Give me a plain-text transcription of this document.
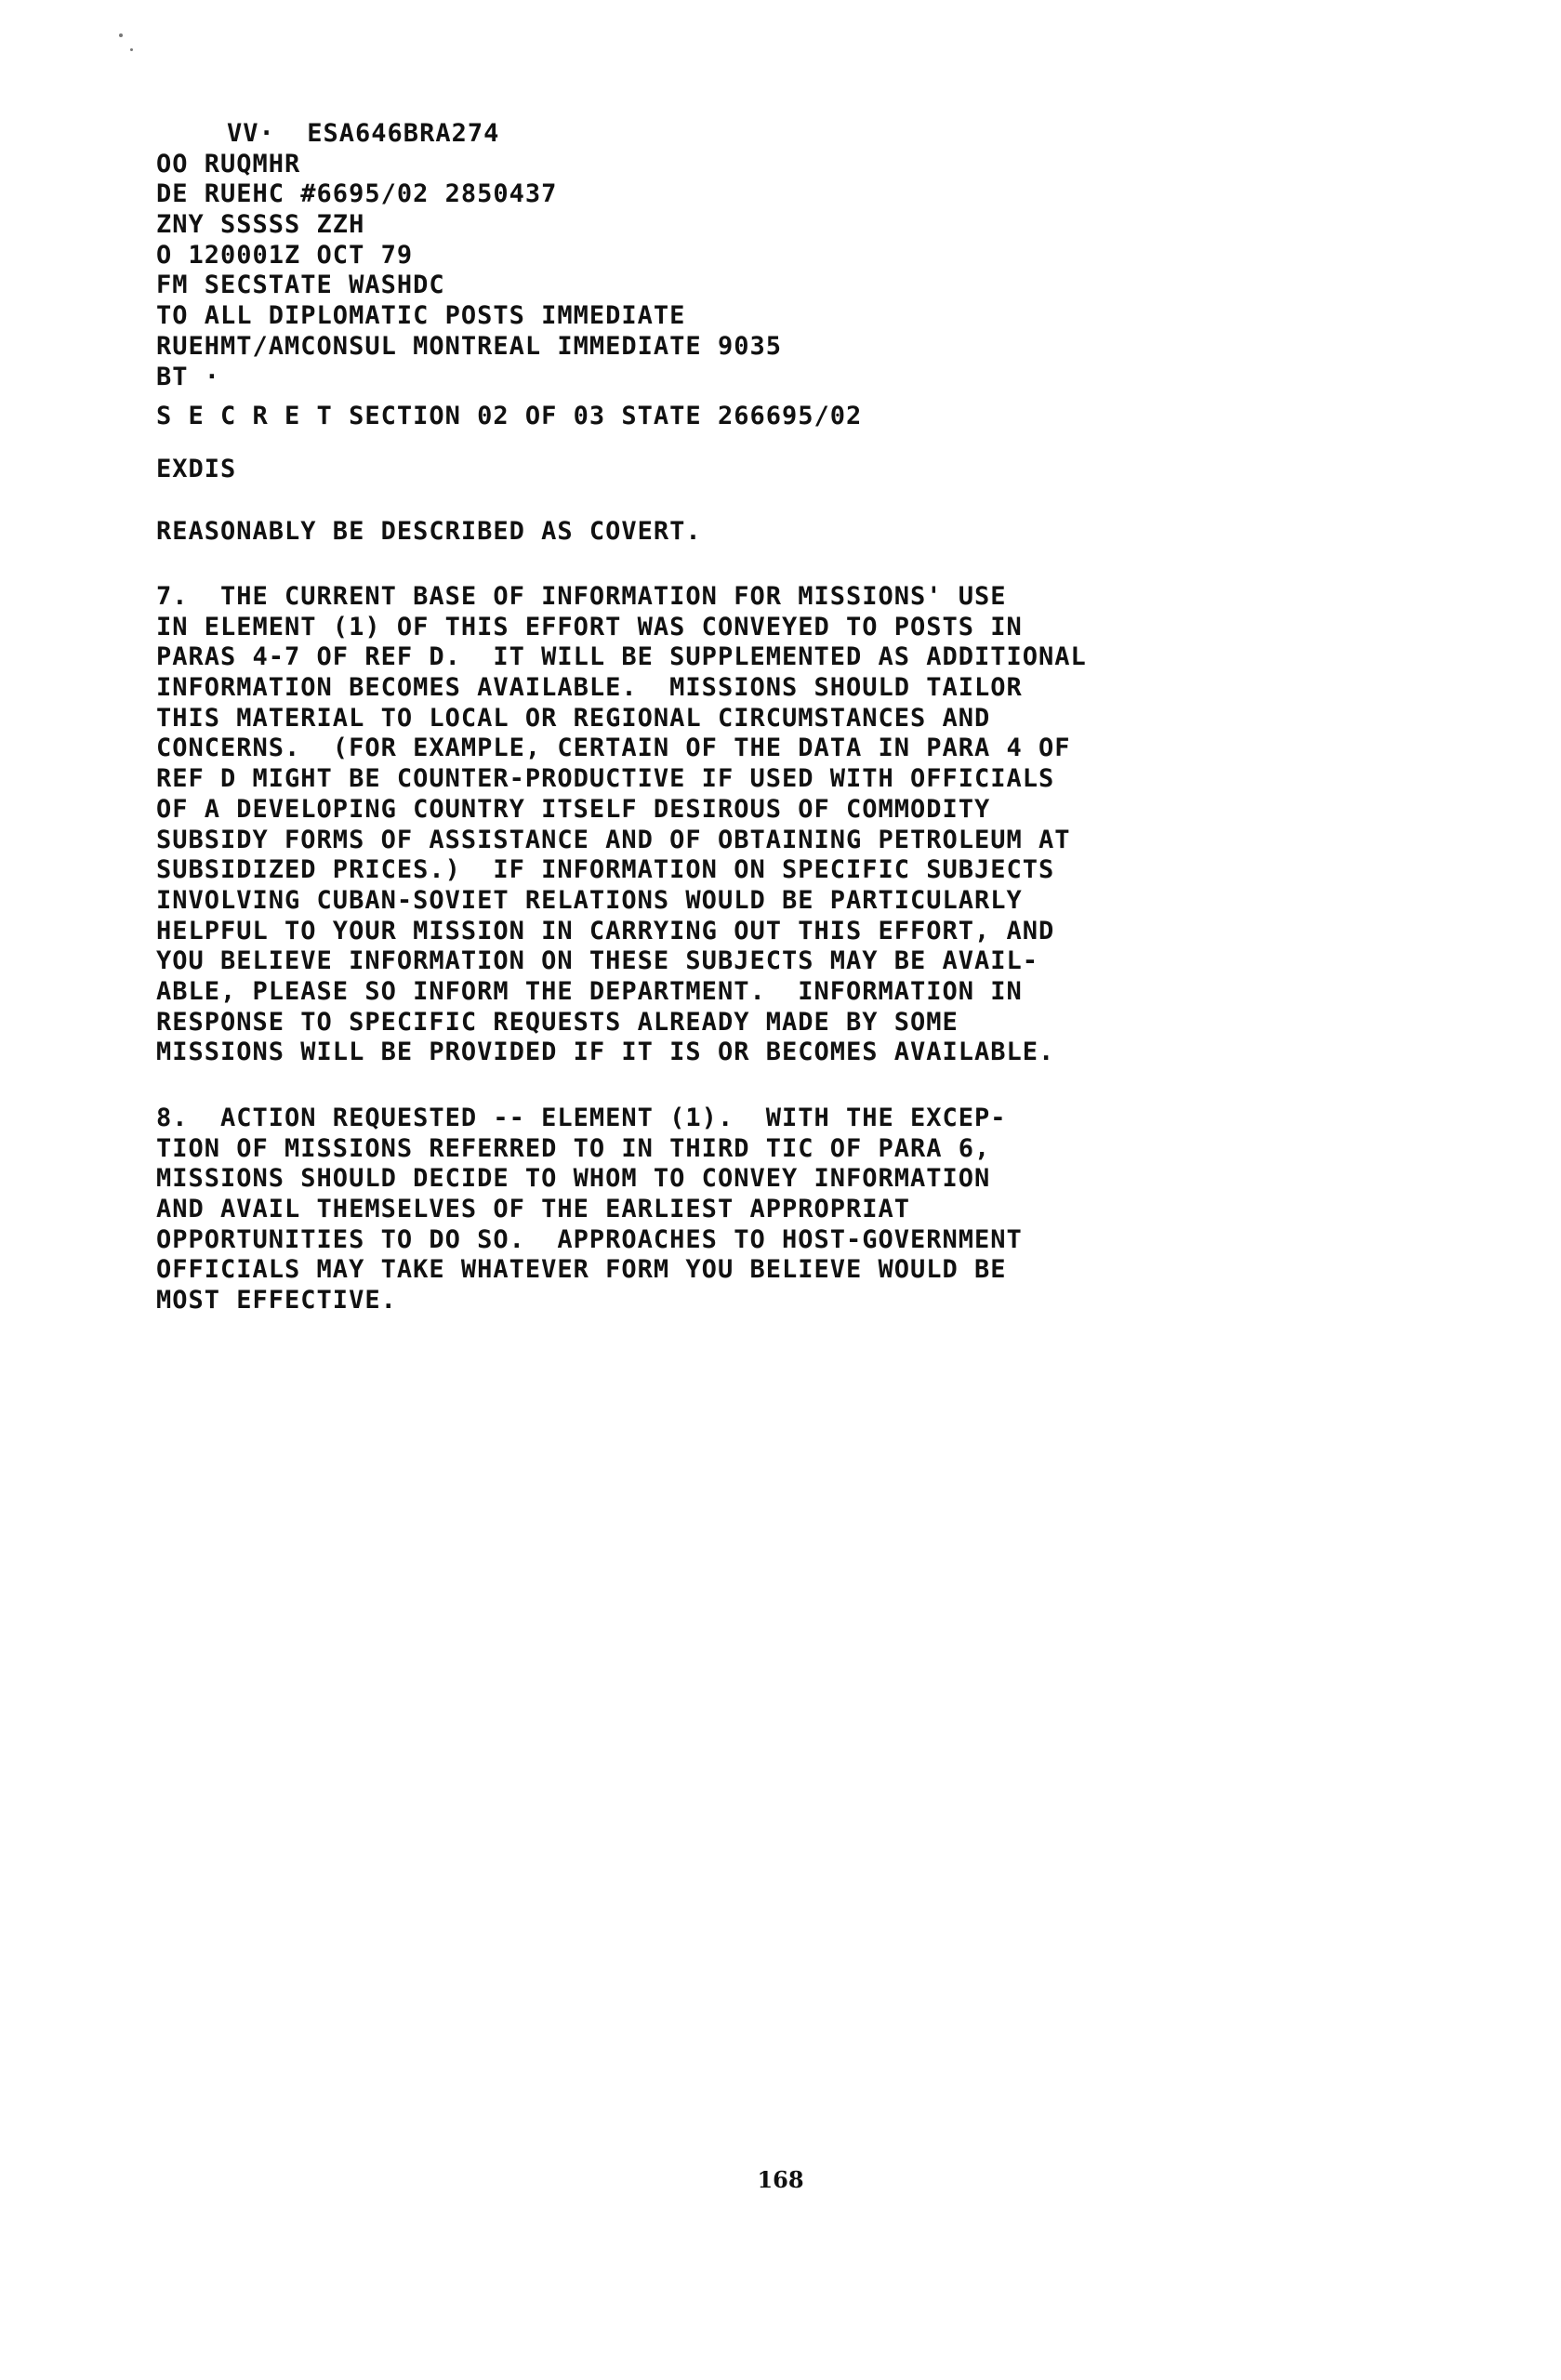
VV·  ESA646BRA274
OO RUQMHR
DE RUEHC #6695/02 2850437
ZNY SSSSS ZZH
O 120001Z OCT 79
FM SECSTATE WASHDC
TO ALL DIPLOMATIC POSTS IMMEDIATE
RUEHMT/AMCONSUL MONTREAL IMMEDIATE 9035
BT ·
S E C R E T SECTION 02 OF 03 STATE 266695/02
EXDIS
REASONABLY BE DESCRIBED AS COVERT.
7.  THE CURRENT BASE OF INFORMATION FOR MISSIONS' USE
IN ELEMENT (1) OF THIS EFFORT WAS CONVEYED TO POSTS IN
PARAS 4-7 OF REF D.  IT WILL BE SUPPLEMENTED AS ADDITIONAL
INFORMATION BECOMES AVAILABLE.  MISSIONS SHOULD TAILOR
THIS MATERIAL TO LOCAL OR REGIONAL CIRCUMSTANCES AND
CONCERNS.  (FOR EXAMPLE, CERTAIN OF THE DATA IN PARA 4 OF
REF D MIGHT BE COUNTER-PRODUCTIVE IF USED WITH OFFICIALS
OF A DEVELOPING COUNTRY ITSELF DESIROUS OF COMMODITY
SUBSIDY FORMS OF ASSISTANCE AND OF OBTAINING PETROLEUM AT
SUBSIDIZED PRICES.)  IF INFORMATION ON SPECIFIC SUBJECTS
INVOLVING CUBAN-SOVIET RELATIONS WOULD BE PARTICULARLY
HELPFUL TO YOUR MISSION IN CARRYING OUT THIS EFFORT, AND
YOU BELIEVE INFORMATION ON THESE SUBJECTS MAY BE AVAIL-
ABLE, PLEASE SO INFORM THE DEPARTMENT.  INFORMATION IN
RESPONSE TO SPECIFIC REQUESTS ALREADY MADE BY SOME
MISSIONS WILL BE PROVIDED IF IT IS OR BECOMES AVAILABLE.
8.  ACTION REQUESTED -- ELEMENT (1).  WITH THE EXCEP-
TION OF MISSIONS REFERRED TO IN THIRD TIC OF PARA 6,
MISSIONS SHOULD DECIDE TO WHOM TO CONVEY INFORMATION
AND AVAIL THEMSELVES OF THE EARLIEST APPROPRIAT
OPPORTUNITIES TO DO SO.  APPROACHES TO HOST-GOVERNMENT
OFFICIALS MAY TAKE WHATEVER FORM YOU BELIEVE WOULD BE
MOST EFFECTIVE.
168
